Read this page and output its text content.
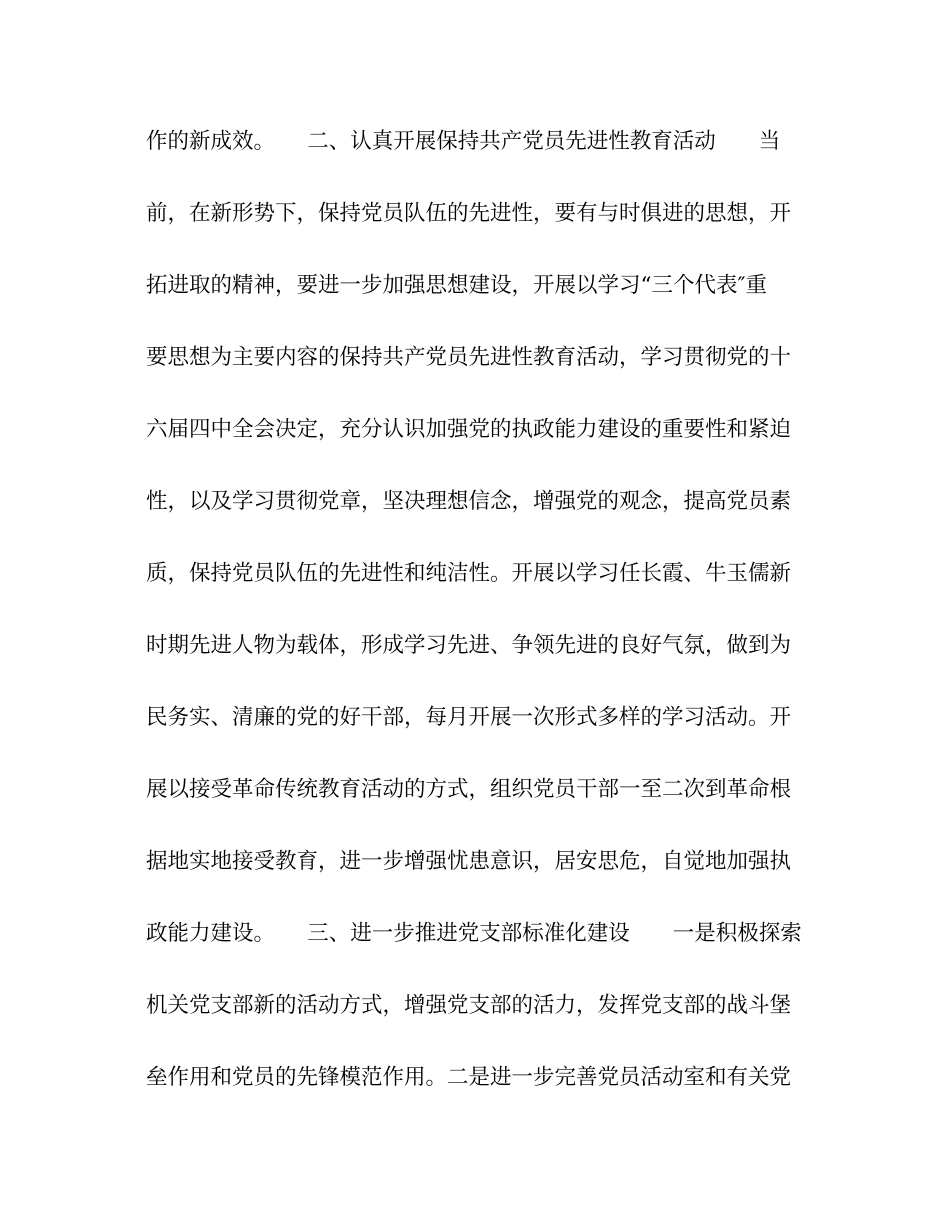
作的新成效。　　二、认真开展保持共产党员先进性教育活动　　当
前，在新形势下，保持党员队伍的先进性，要有与时俱进的思想，开
拓进取的精神，要进一步加强思想建设，开展以学习“三个代表″重
要思想为主要内容的保持共产党员先进性教育活动，学习贯彻党的十
六届四中全会决定，充分认识加强党的执政能力建设的重要性和紧迫
性，以及学习贯彻党章，坚决理想信念，增强党的观念，提高党员素
质，保持党员队伍的先进性和纯洁性。开展以学习任长霞、牛玉儒新
时期先进人物为载体，形成学习先进、争领先进的良好气氛，做到为
民务实、清廉的党的好干部，每月开展一次形式多样的学习活动。开
展以接受革命传统教育活动的方式，组织党员干部一至二次到革命根
据地实地接受教育，进一步增强忧患意识，居安思危，自觉地加强执
政能力建设。　　三、进一步推进党支部标准化建设　　一是积极探索
机关党支部新的活动方式，增强党支部的活力，发挥党支部的战斗堡
垒作用和党员的先锋模范作用。二是进一步完善党员活动室和有关党
